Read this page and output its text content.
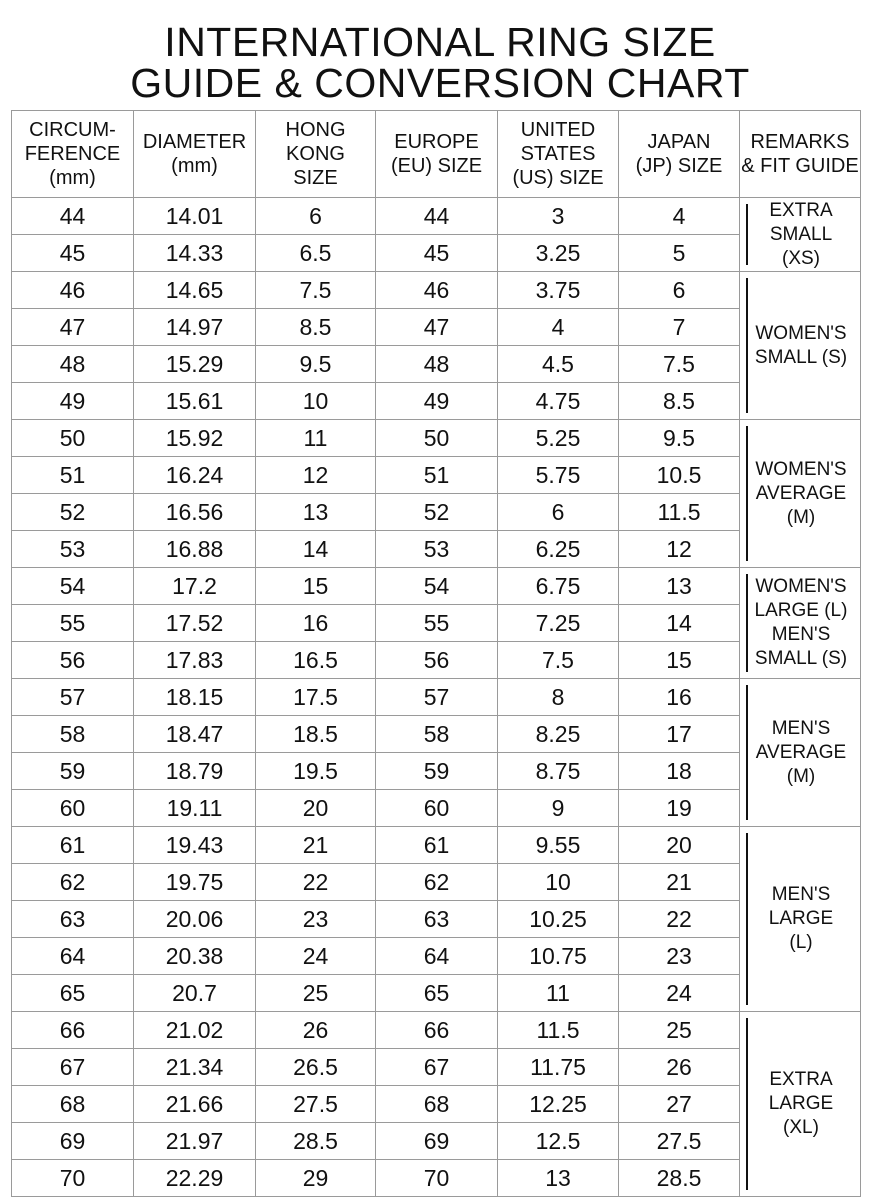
INTERNATIONAL RING SIZE
GUIDE & CONVERSION CHART
CIRCUM-
FERENCE
(mm)	DIAMETER
(mm)	HONG
KONG
SIZE	EUROPE
(EU) SIZE	UNITED
STATES
(US) SIZE	JAPAN
(JP) SIZE	REMARKS
& FIT GUIDE

44	14.01	6	44	3	4	EXTRA
SMALL
(XS)

45	14.33	6.5	45	3.25	5	
46	14.65	7.5	46	3.75	6	WOMEN'S
SMALL (S)

47	14.97	8.5	47	4	7	
48	15.29	9.5	48	4.5	7.5	
49	15.61	10	49	4.75	8.5	
50	15.92	11	50	5.25	9.5	WOMEN'S
AVERAGE
(M)

51	16.24	12	51	5.75	10.5	
52	16.56	13	52	6	11.5	
53	16.88	14	53	6.25	12	
54	17.2	15	54	6.75	13	WOMEN'S
LARGE (L)
MEN'S
SMALL (S)

55	17.52	16	55	7.25	14	
56	17.83	16.5	56	7.5	15	
57	18.15	17.5	57	8	16	MEN'S
AVERAGE
(M)

58	18.47	18.5	58	8.25	17	
59	18.79	19.5	59	8.75	18	
60	19.11	20	60	9	19	
61	19.43	21	61	9.55	20	MEN'S
LARGE
(L)

62	19.75	22	62	10	21	
63	20.06	23	63	10.25	22	
64	20.38	24	64	10.75	23	
65	20.7	25	65	11	24	
66	21.02	26	66	11.5	25	EXTRA
LARGE
(XL)

67	21.34	26.5	67	11.75	26	
68	21.66	27.5	68	12.25	27	
69	21.97	28.5	69	12.5	27.5	
70	22.29	29	70	13	28.5	
